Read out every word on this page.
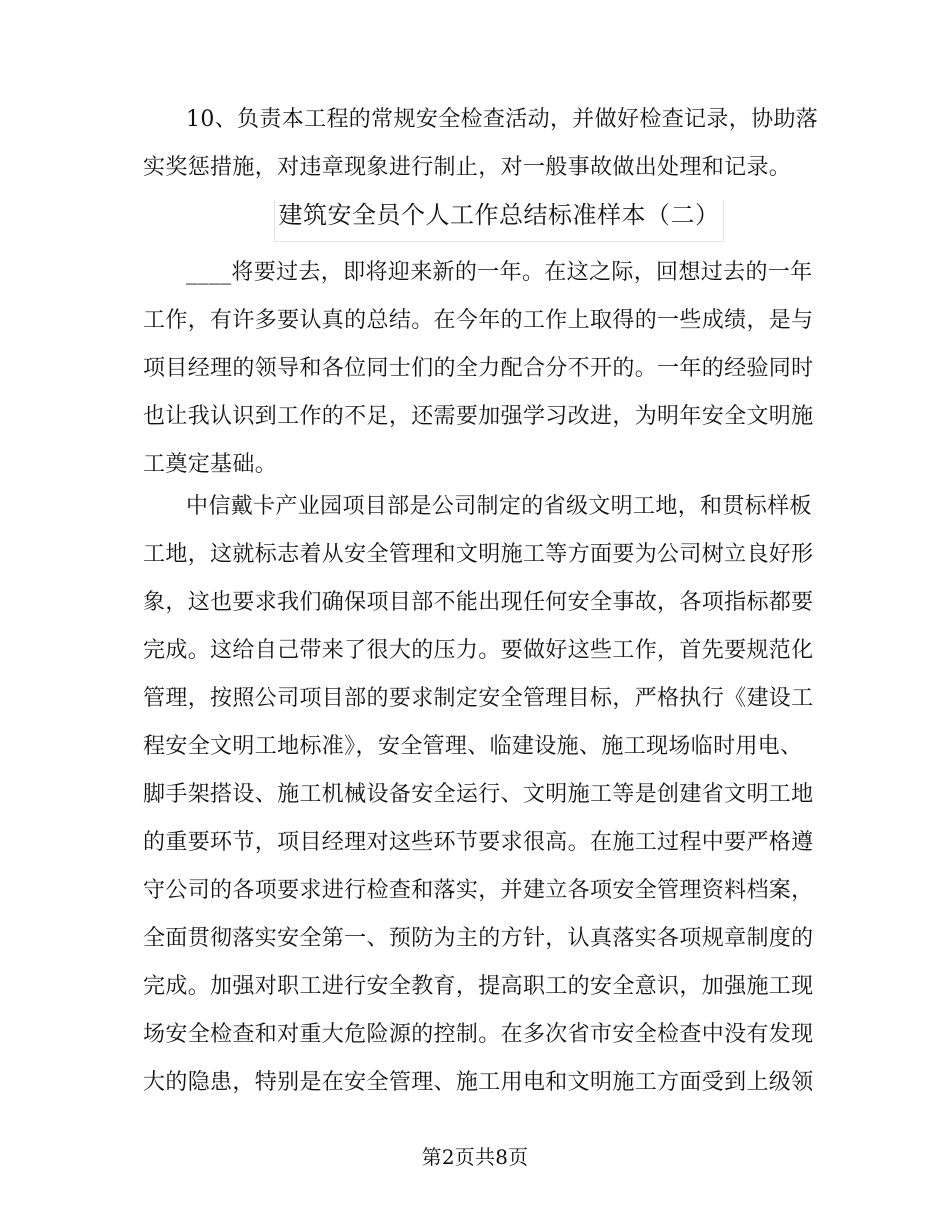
10、负责本工程的常规安全检查活动，并做好检查记录，协助落
实奖惩措施，对违章现象进行制止，对一般事故做出处理和记录。
建筑安全员个人工作总结标准样本（二）
____将要过去，即将迎来新的一年。在这之际，回想过去的一年
工作，有许多要认真的总结。在今年的工作上取得的一些成绩，是与
项目经理的领导和各位同士们的全力配合分不开的。一年的经验同时
也让我认识到工作的不足，还需要加强学习改进，为明年安全文明施
工奠定基础。
中信戴卡产业园项目部是公司制定的省级文明工地，和贯标样板
工地，这就标志着从安全管理和文明施工等方面要为公司树立良好形
象，这也要求我们确保项目部不能出现任何安全事故，各项指标都要
完成。这给自己带来了很大的压力。要做好这些工作，首先要规范化
管理，按照公司项目部的要求制定安全管理目标，严格执行《建设工
程安全文明工地标准》，安全管理、临建设施、施工现场临时用电、
脚手架搭设、施工机械设备安全运行、文明施工等是创建省文明工地
的重要环节，项目经理对这些环节要求很高。在施工过程中要严格遵
守公司的各项要求进行检查和落实，并建立各项安全管理资料档案，
全面贯彻落实安全第一、预防为主的方针，认真落实各项规章制度的
完成。加强对职工进行安全教育，提高职工的安全意识，加强施工现
场安全检查和对重大危险源的控制。在多次省市安全检查中没有发现
大的隐患，特别是在安全管理、施工用电和文明施工方面受到上级领
第2页共8页
